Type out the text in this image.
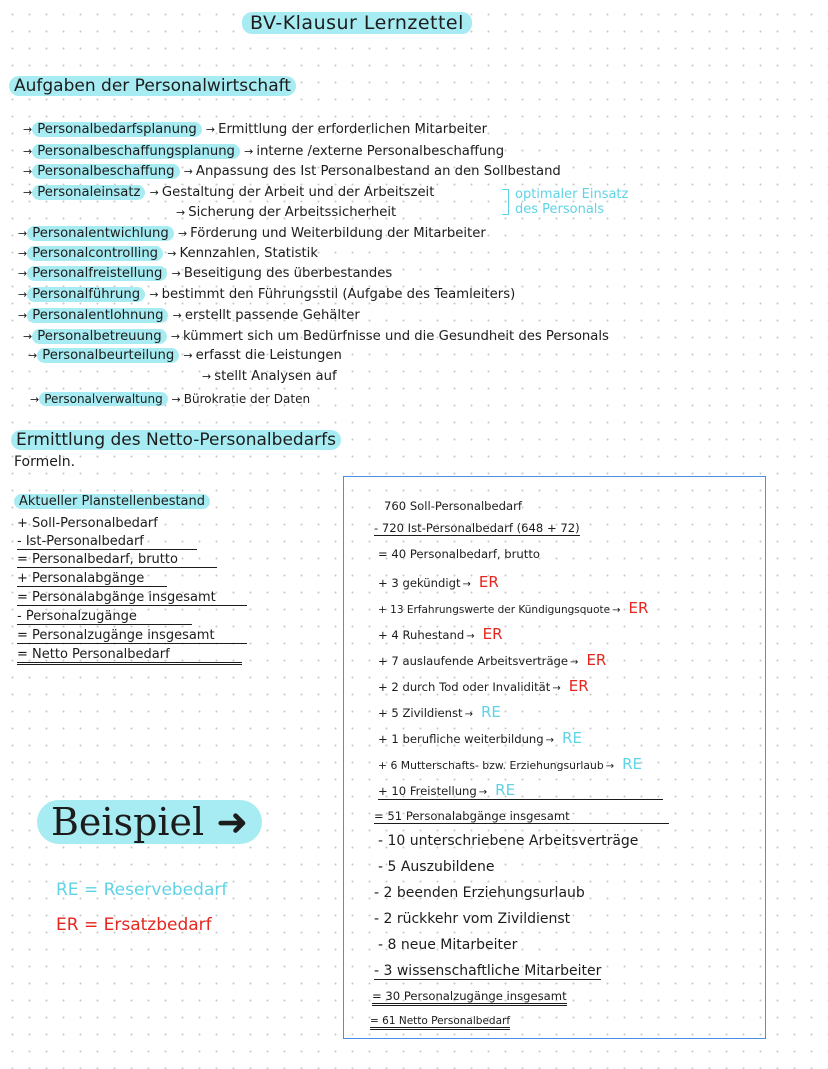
BV-Klausur Lernzettel
Aufgaben der Personalwirtschaft
→ Personalbedarfsplanung → Ermittlung der erforderlichen Mitarbeiter
→ Personalbeschaffungsplanung → interne /externe Personalbeschaffung
→ Personalbeschaffung → Anpassung des Ist Personalbestand an den Sollbestand
→ Personaleinsatz → Gestaltung der Arbeit und der Arbeitszeit
→ Sicherung der Arbeitssicherheit
optimaler Einsatz
des Personals
→ Personalentwichlung → Förderung und Weiterbildung der Mitarbeiter
→ Personalcontrolling → Kennzahlen, Statistik
→ Personalfreistellung → Beseitigung des überbestandes
→ Personalführung → bestimmt den Führungsstil (Aufgabe des Teamleiters)
→ Personalentlohnung → erstellt passende Gehälter
→ Personalbetreuung → kümmert sich um Bedürfnisse und die Gesundheit des Personals
→ Personalbeurteilung → erfasst die Leistungen
→ stellt Analysen auf
→ Personalverwaltung → Bürokratie der Daten
Ermittlung des Netto-Personalbedarfs
Formeln.
Aktueller Planstellenbestand
+ Soll-Personalbedarf
- Ist-Personalbedarf
= Personalbedarf, brutto
+ Personalabgänge
= Personalabgänge insgesamt
- Personalzugänge
= Personalzugänge insgesamt
= Netto Personalbedarf
Beispiel ➜
RE = Reservebedarf
ER = Ersatzbedarf
760 Soll-Personalbedarf
- 720 Ist-Personalbedarf (648 + 72)
= 40 Personalbedarf, brutto
+ 3 gekündigt → ER
+ 13 Erfahrungswerte der Kündigungsquote → ER
+ 4 Ruhestand → ER
+ 7 auslaufende Arbeitsverträge → ER
+ 2 durch Tod oder Invalidität → ER
+ 5 Zivildienst → RE
+ 1 berufliche weiterbildung → RE
+ 6 Mutterschafts- bzw. Erziehungsurlaub → RE
+ 10 Freistellung → RE
= 51 Personalabgänge insgesamt
- 10 unterschriebene Arbeitsverträge
- 5 Auszubildene
- 2 beenden Erziehungsurlaub
- 2 rückkehr vom Zivildienst
- 8 neue Mitarbeiter
- 3 wissenschaftliche Mitarbeiter
= 30 Personalzugänge insgesamt
= 61 Netto Personalbedarf
